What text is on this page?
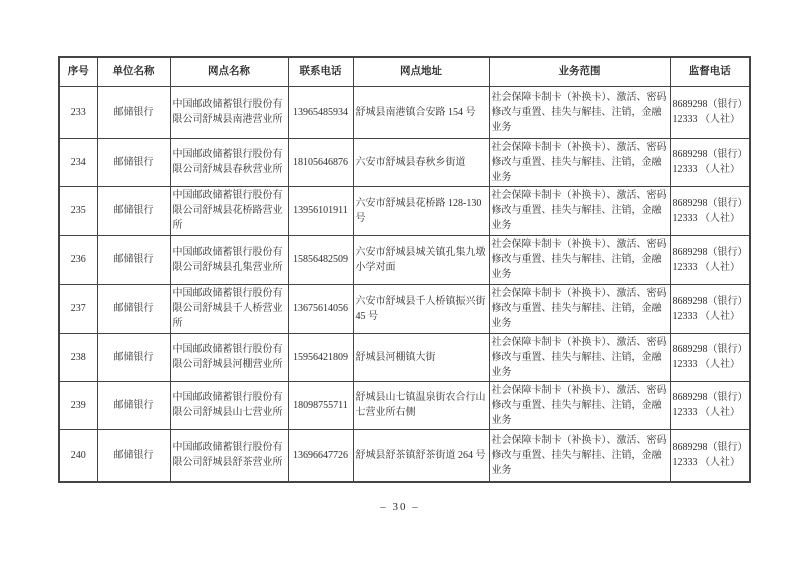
序号	单位名称	网点名称	联系电话	网点地址	业务范围	监督电话
233	邮储银行	中国邮政储蓄银行股份有限公司舒城县南港营业所	13965485934	舒城县南港镇合安路 154 号	社会保障卡制卡（补换卡）、激活、密码修改与重置、挂失与解挂、注销，金融业务	8689298（银行）
12333 （人社）

234	邮储银行	中国邮政储蓄银行股份有限公司舒城县春秋营业所	18105646876	六安市舒城县春秋乡街道	社会保障卡制卡（补换卡）、激活、密码修改与重置、挂失与解挂、注销，金融业务	8689298（银行）
12333 （人社）

235	邮储银行	中国邮政储蓄银行股份有限公司舒城县花桥路营业所	13956101911	六安市舒城县花桥路 128-130 号	社会保障卡制卡（补换卡）、激活、密码修改与重置、挂失与解挂、注销，金融业务	8689298（银行）
12333 （人社）

236	邮储银行	中国邮政储蓄银行股份有限公司舒城县孔集营业所	15856482509	六安市舒城县城关镇孔集九墩小学对面	社会保障卡制卡（补换卡）、激活、密码修改与重置、挂失与解挂、注销，金融业务	8689298（银行）
12333 （人社）

237	邮储银行	中国邮政储蓄银行股份有限公司舒城县千人桥营业所	13675614056	六安市舒城县千人桥镇振兴街 45 号	社会保障卡制卡（补换卡）、激活、密码修改与重置、挂失与解挂、注销，金融业务	8689298（银行）
12333 （人社）

238	邮储银行	中国邮政储蓄银行股份有限公司舒城县河棚营业所	15956421809	舒城县河棚镇大街	社会保障卡制卡（补换卡）、激活、密码修改与重置、挂失与解挂、注销，金融业务	8689298（银行）
12333 （人社）

239	邮储银行	中国邮政储蓄银行股份有限公司舒城县山七营业所	18098755711	舒城县山七镇温泉街农合行山七营业所右侧	社会保障卡制卡（补换卡）、激活、密码修改与重置、挂失与解挂、注销，金融业务	8689298（银行）
12333 （人社）

240	邮储银行	中国邮政储蓄银行股份有限公司舒城县舒茶营业所	13696647726	舒城县舒茶镇舒茶街道 264 号	社会保障卡制卡（补换卡）、激活、密码修改与重置、挂失与解挂、注销，金融业务	8689298（银行）
12333 （人社）
– 30 –
